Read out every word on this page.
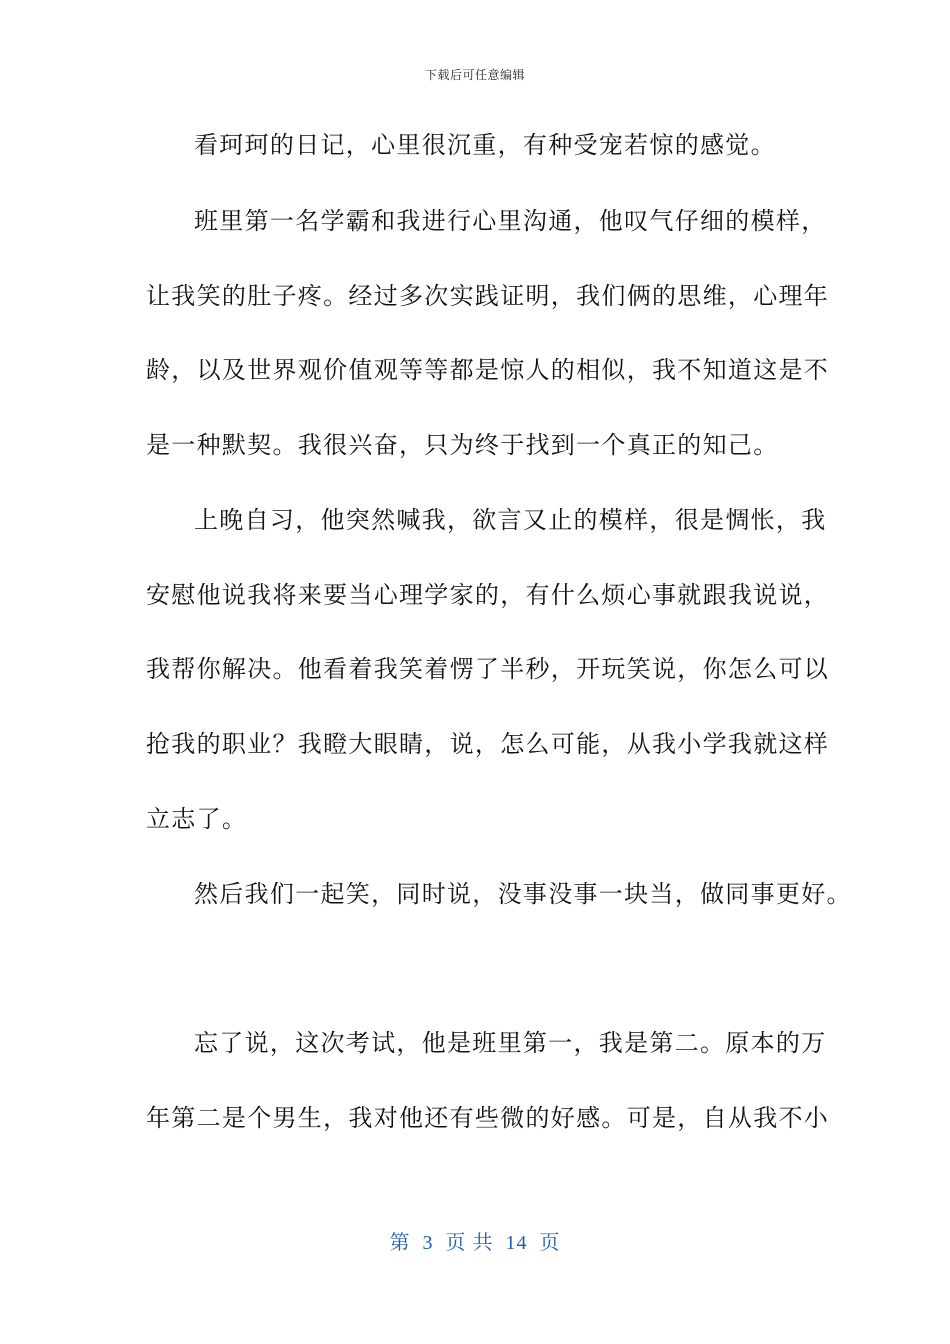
下载后可任意编辑
看珂珂的日记，心里很沉重，有种受宠若惊的感觉。
班里第一名学霸和我进行心里沟通，他叹气仔细的模样，
让我笑的肚子疼。经过多次实践证明，我们俩的思维，心理年
龄，以及世界观价值观等等都是惊人的相似，我不知道这是不
是一种默契。我很兴奋，只为终于找到一个真正的知己。
上晚自习，他突然喊我，欲言又止的模样，很是惆怅，我
安慰他说我将来要当心理学家的，有什么烦心事就跟我说说，
我帮你解决。他看着我笑着愣了半秒，开玩笑说，你怎么可以
抢我的职业？我瞪大眼睛，说，怎么可能，从我小学我就这样
立志了。
然后我们一起笑，同时说，没事没事一块当，做同事更好。
忘了说，这次考试，他是班里第一，我是第二。原本的万
年第二是个男生，我对他还有些微的好感。可是，自从我不小
第 3 页 共 14 页
